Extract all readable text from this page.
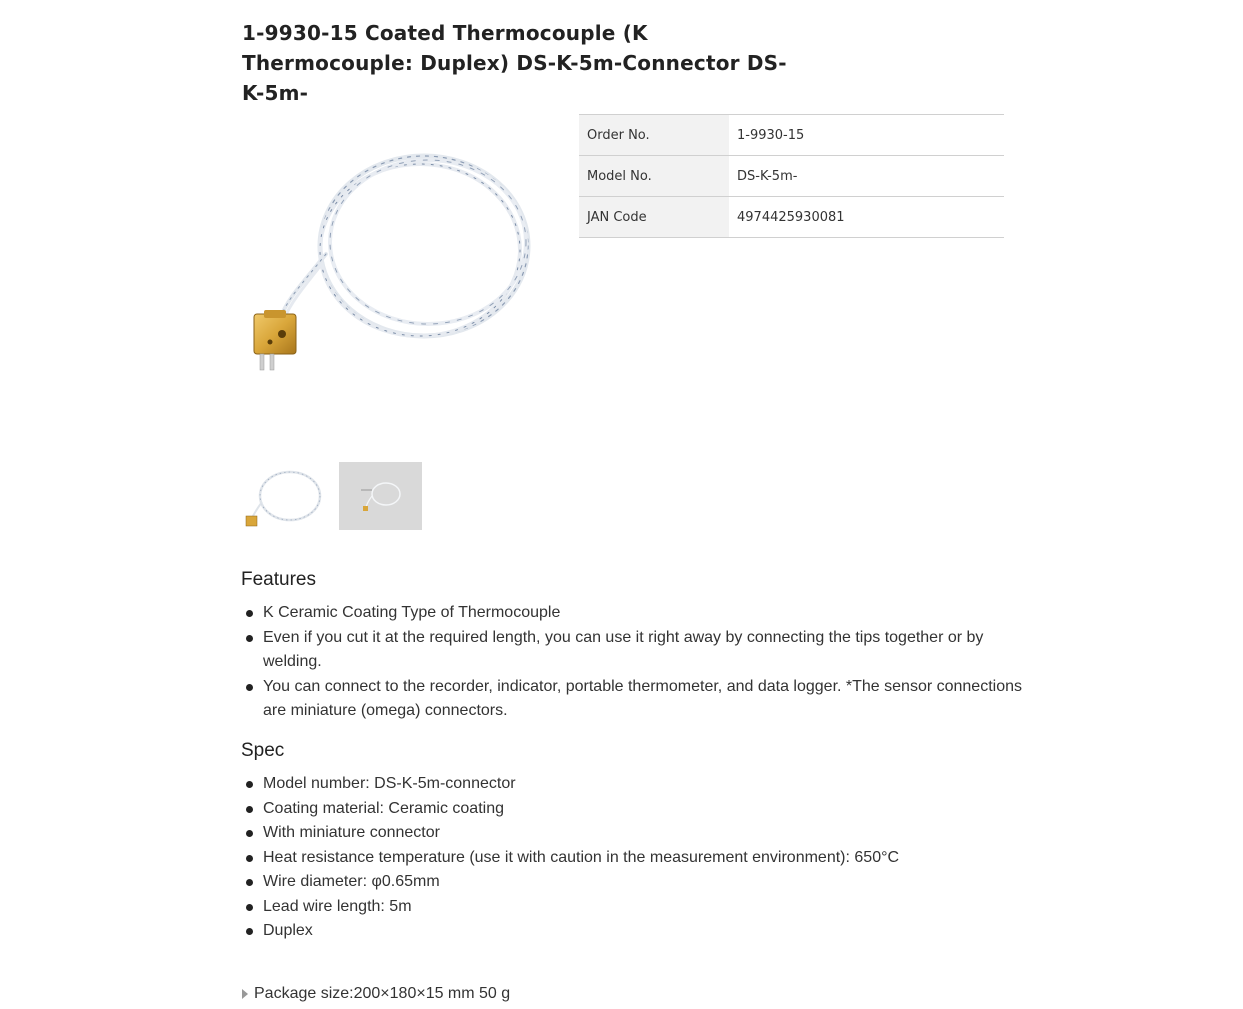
1-9930-15 Coated Thermocouple (K
Thermocouple: Duplex) DS-K-5m-Connector DS-
K-5m-
Order No.	1-9930-15
Model No.	DS-K-5m-
JAN Code	4974425930081
Features
K Ceramic Coating Type of Thermocouple
Even if you cut it at the required length, you can use it right away by connecting the tips together or by welding.
You can connect to the recorder, indicator, portable thermometer, and data logger. *The sensor connections are miniature (omega) connectors.
Spec
Model number: DS-K-5m-connector
Coating material: Ceramic coating
With miniature connector
Heat resistance temperature (use it with caution in the measurement environment): 650°C
Wire diameter: φ0.65mm
Lead wire length: 5m
Duplex
Package size:200×180×15 mm 50 g
